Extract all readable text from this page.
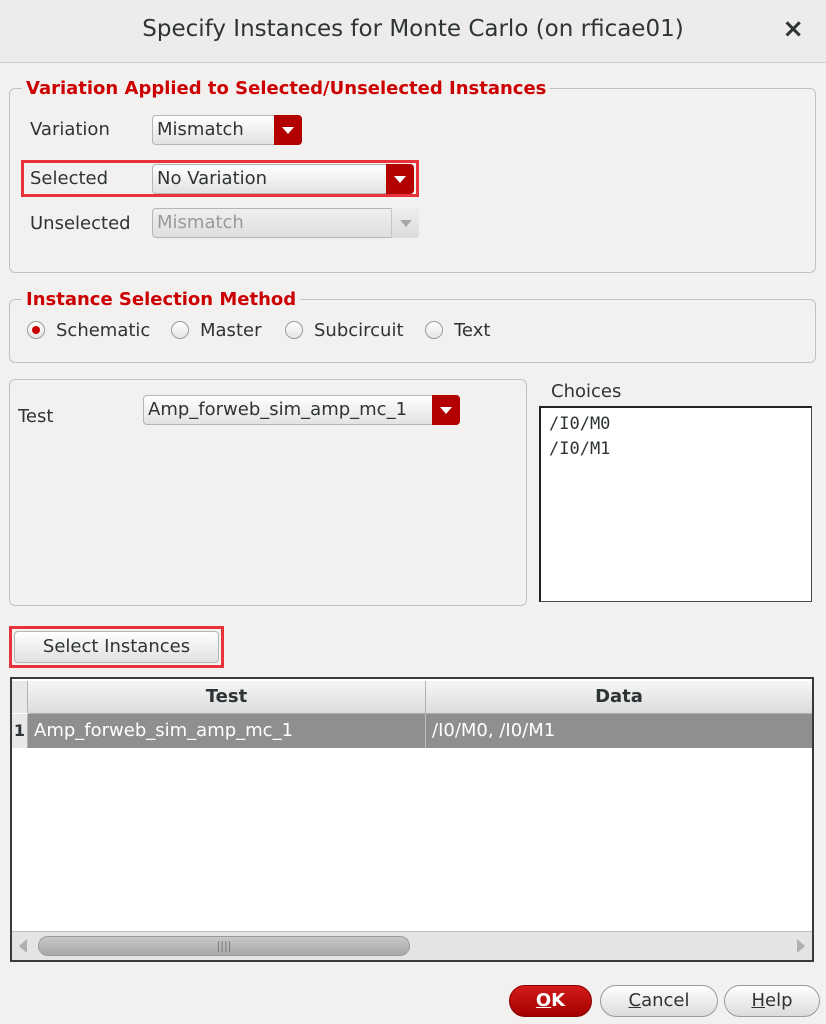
Specify Instances for Monte Carlo (on rficae01)	×
Variation Applied to Selected/Unselected Instances
Variation	Mismatch
Selected	No Variation
Unselected Mismatch
Instance Selection Method
Schematic	Master	Subcircuit	Text
Test	Amp_forweb_sim_amp_mc_1
Choices
/I0/M0
/I0/M1
Select Instances
Test	Data
1 Amp_forweb_sim_amp_mc_1	/I0/M0, /I0/M1
||||
OK	Cancel	Help
